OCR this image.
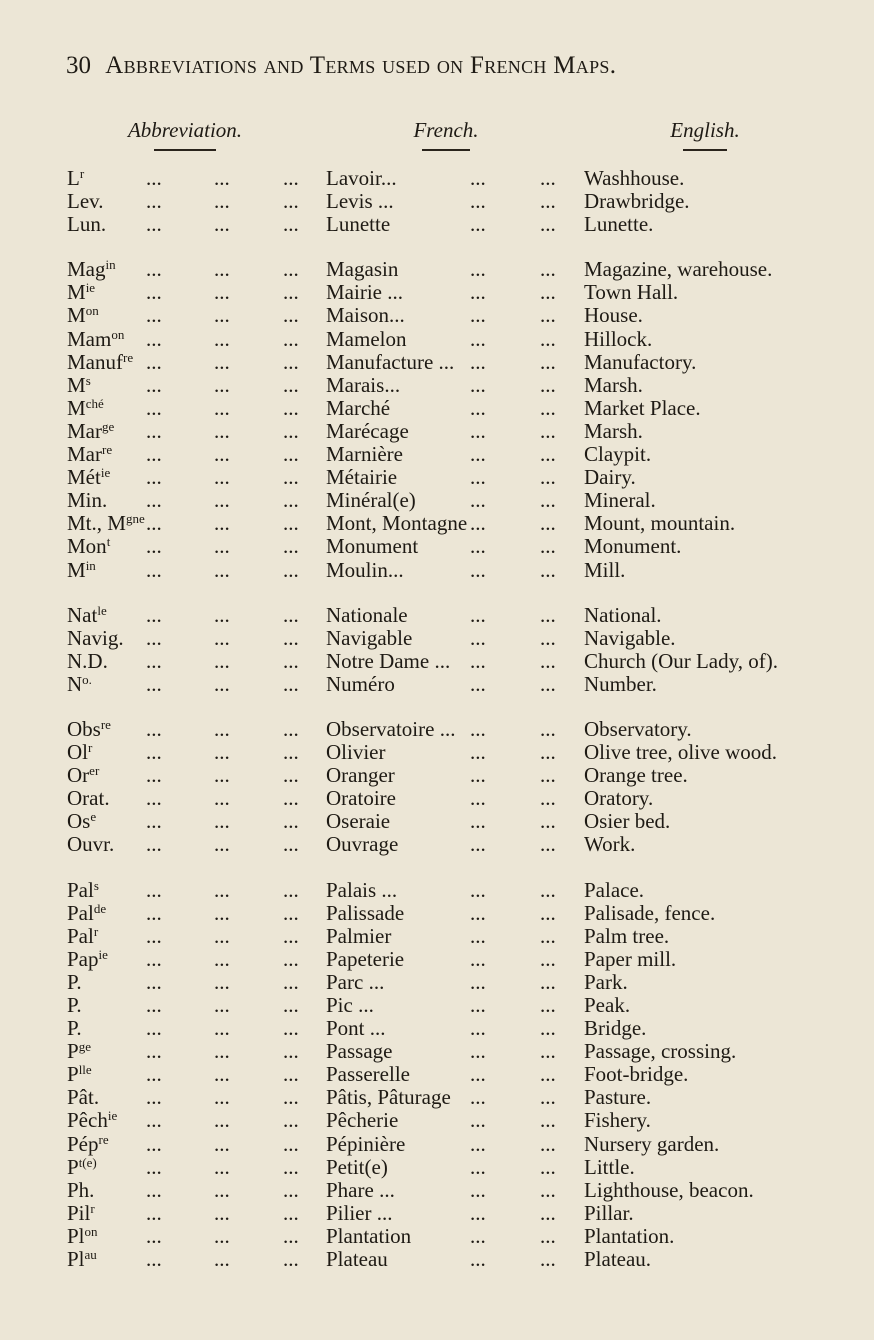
30 Abbreviations and Terms used on French Maps.
Abbreviation.	French.	English.
$L^r$	... ...	... Lavoir...	...	... Washhouse.
Lev. ... ...	... Levis ...	...	... Drawbridge.
Lun. ... ...	... Lunette	...	... Lunette.
Mag$^{in}$ ... ...	... Magasin	...	... Magazine, warehouse.
$M^{ie}$ ... ...	... Mairie ...	...	... Town Hall.
$M^{on}$ ... ...	... Maison...	...	... House.
Mam$^{on}$ ... ...	... Mamelon	...	... Hillock.
Manuf$^{re}$ ... ...	... Manufacture ... ...	... Manufactory.
$M^s$	... ...	... Marais...	...	... Marsh.
$M^{ché}$ ... ...	... Marché	...	... Market Place.
Mar$^{ge}$ ... ...	... Marécage	...	... Marsh.
Mar$^{re}$ ... ...	... Marnière	...	... Claypit.
Mét$^{ie}$ ... ...	... Métairie	...	... Dairy.
Min. ... ...	... Minéral(e)	...	... Mineral.
Mt., $M^{gne}$ ... ...	... Mont, Montagne ...	... Mount, mountain.
Mon$^t$ ... ...	... Monument ...	... Monument.
$M^{in}$ ... ...	... Moulin...	...	... Mill.
Nat$^{le}$ ... ...	... Nationale	...	... National.
Navig. ... ...	... Navigable	...	... Navigable.
N.D. ... ...	... Notre Dame ... ...	... Church (Our Lady, of).
$N^{o.}$	... ...	... Numéro	...	... Number.
Obs$^{re}$ ... ...	... Observatoire ... ...	... Observatory.
Ol$^r$	... ...	... Olivier	...	... Olive tree, olive wood.
$Or^{er}$ ... ...	... Oranger	...	... Orange tree.
Orat. ... ...	... Oratoire	...	... Oratory.
Os$^e$ ... ...	... Oseraie	...	... Osier bed.
Ouvr. ... ...	... Ouvrage	...	... Work.
Pal$^s$ ... ...	... Palais ...	...	... Palace.
Pal$^{de}$ ... ...	... Palissade	...	... Palisade, fence.
Pal$^r$ ... ...	... Palmier	...	... Palm tree.
Pap$^{ie}$ ... ...	... Papeterie	...	... Paper mill.
P.	... ...	... Parc ...	...	... Park.
P.	... ...	... Pic ...	...	... Peak.
P.	... ...	... Pont ...	...	... Bridge.
$P^{ge}$	... ...	... Passage	...	... Passage, crossing.
$P^{lle}$	... ...	... Passerelle	...	... Foot-bridge.
Pât. ... ...	... Pâtis, Pâturage ...	... Pasture.
Pêch$^{ie}$ ... ...	... Pêcherie	...	... Fishery.
Pép$^{re}$ ... ...	... Pépinière	...	... Nursery garden.
$P^{t(e)}$ ... ...	... Petit(e)	...	... Little.
Ph. ... ...	... Phare ...	...	... Lighthouse, beacon.
Pil$^r$ ... ...	... Pilier ...	...	... Pillar.
$Pl^{on}$ ... ...	... Plantation	...	... Plantation.
$Pl^{au}$ ... ...	... Plateau	...	... Plateau.
